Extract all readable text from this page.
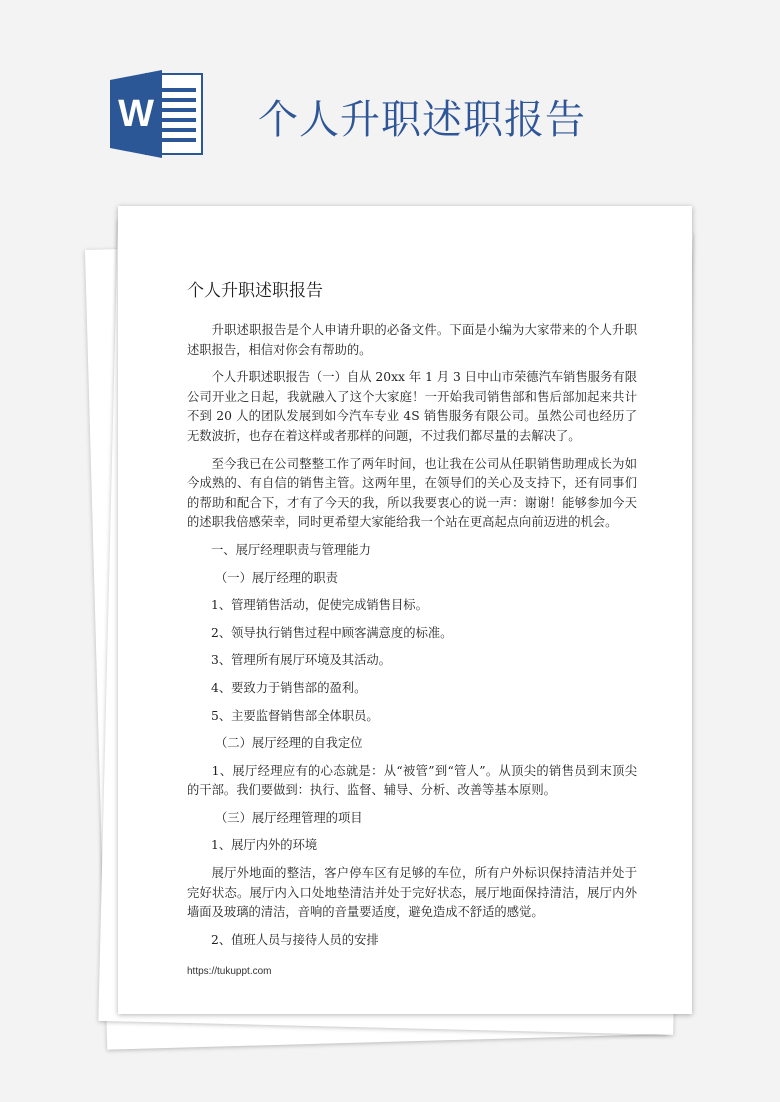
W	个人升职述职报告
个人升职述职报告

升职述职报告是个人申请升职的必备文件。下面是小编为大家带来的个人升职述职报告，相信对你会有帮助的。

个人升职述职报告（一）自从 20xx 年 1 月 3 日中山市荣德汽车销售服务有限公司开业之日起，我就融入了这个大家庭！一开始我司销售部和售后部加起来共计不到 20 人的团队发展到如今汽车专业 4S 销售服务有限公司。虽然公司也经历了无数波折，也存在着这样或者那样的问题，不过我们都尽量的去解决了。

至今我已在公司整整工作了两年时间，也让我在公司从任职销售助理成长为如今成熟的、有自信的销售主管。这两年里，在领导们的关心及支持下，还有同事们的帮助和配合下，才有了今天的我，所以我要衷心的说一声：谢谢！能够参加今天的述职我倍感荣幸，同时更希望大家能给我一个站在更高起点向前迈进的机会。

一、展厅经理职责与管理能力

（一）展厅经理的职责

1、管理销售活动，促使完成销售目标。

2、领导执行销售过程中顾客满意度的标准。

3、管理所有展厅环境及其活动。

4、要致力于销售部的盈利。

5、主要监督销售部全体职员。

（二）展厅经理的自我定位

1、展厅经理应有的心态就是：从“被管”到“管人”。从顶尖的销售员到末顶尖的干部。我们要做到：执行、监督、辅导、分析、改善等基本原则。

（三）展厅经理管理的项目

1、展厅内外的环境

展厅外地面的整洁，客户停车区有足够的车位，所有户外标识保持清洁并处于完好状态。展厅内入口处地垫清洁并处于完好状态，展厅地面保持清洁，展厅内外墙面及玻璃的清洁，音响的音量要适度，避免造成不舒适的感觉。

2、值班人员与接待人员的安排

https://tukuppt.com
